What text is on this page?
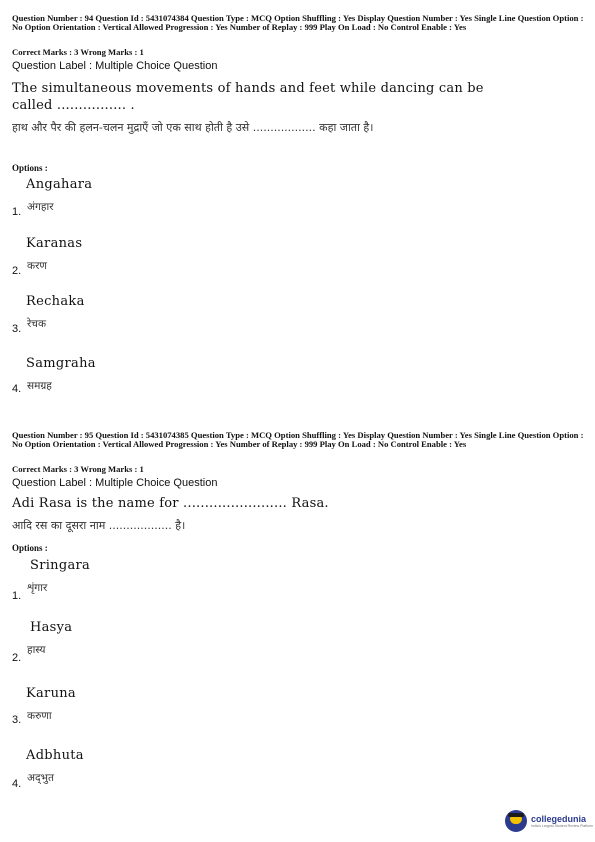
Question Number : 94 Question Id : 5431074384 Question Type : MCQ Option Shuffling : Yes Display Question Number : Yes Single Line Question Option : No Option Orientation : Vertical Allowed Progression : Yes Number of Replay : 999 Play On Load : No Control Enable : Yes
Correct Marks : 3 Wrong Marks : 1
Question Label : Multiple Choice Question
The simultaneous movements of hands and feet while dancing can be called ................ .
हाथ और पैर की हलन-चलन मुद्राएँ जो एक साथ होती है उसे .................. कहा जाता है।
Options :
Angahara
1. अंगहार
Karanas
2. करण
Rechaka
3. रेचक
Samgraha
4. समग्रह
Question Number : 95 Question Id : 5431074385 Question Type : MCQ Option Shuffling : Yes Display Question Number : Yes Single Line Question Option : No Option Orientation : Vertical Allowed Progression : Yes Number of Replay : 999 Play On Load : No Control Enable : Yes
Correct Marks : 3 Wrong Marks : 1
Question Label : Multiple Choice Question
Adi Rasa is the name for ........................ Rasa.
आदि रस का दूसरा नाम .................. है।
Options :
Sringara
1.
शृंगार
Hasya
2.
हास्य
Karuna
3. करुणा
Adbhuta
4. अद्‌भुत
collegedunia
India's Largest Student Review Platform
